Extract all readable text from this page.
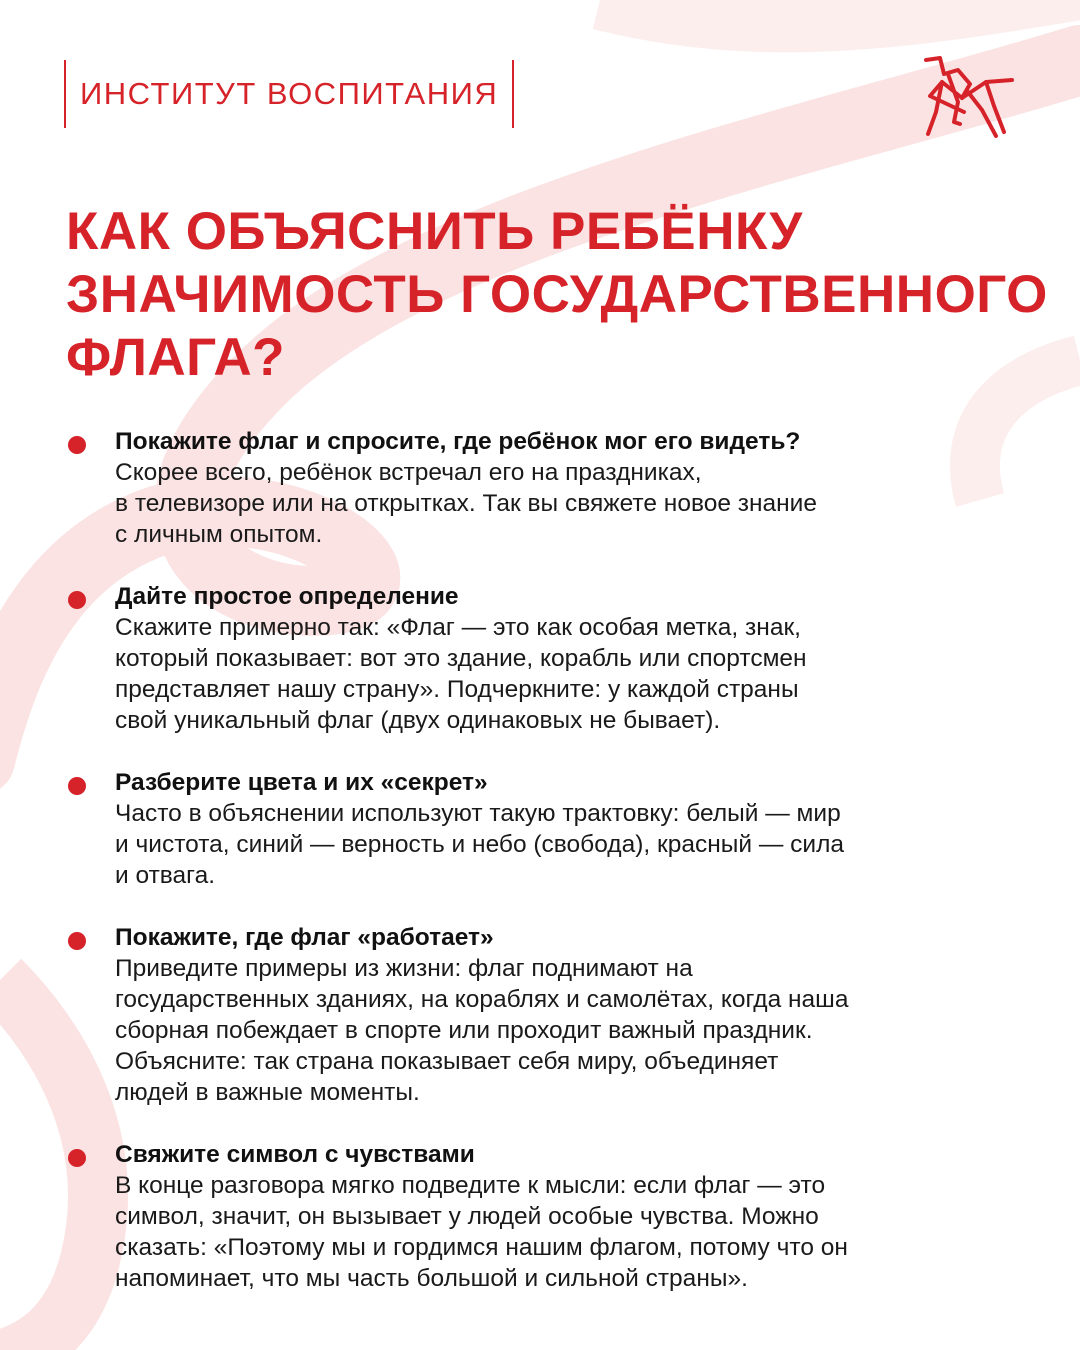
ИНСТИТУТ ВОСПИТАНИЯ
КАК ОБЪЯСНИТЬ РЕБЁНКУ
ЗНАЧИМОСТЬ ГОСУДАРСТВЕННОГО
ФЛАГА?
Покажите флаг и спросите, где ребёнок мог его видеть?
Скорее всего, ребёнок встречал его на праздниках,
в телевизоре или на открытках. Так вы свяжете новое знание
с личным опытом.
Дайте простое определение
Скажите примерно так: «Флаг — это как особая метка, знак,
который показывает: вот это здание, корабль или спортсмен
представляет нашу страну». Подчеркните: у каждой страны
свой уникальный флаг (двух одинаковых не бывает).
Разберите цвета и их «секрет»
Часто в объяснении используют такую трактовку: белый — мир
и чистота, синий — верность и небо (свобода), красный — сила
и отвага.
Покажите, где флаг «работает»
Приведите примеры из жизни: флаг поднимают на
государственных зданиях, на кораблях и самолётах, когда наша
сборная побеждает в спорте или проходит важный праздник.
Объясните: так страна показывает себя миру, объединяет
людей в важные моменты.
Свяжите символ с чувствами
В конце разговора мягко подведите к мысли: если флаг — это
символ, значит, он вызывает у людей особые чувства. Можно
сказать: «Поэтому мы и гордимся нашим флагом, потому что он
напоминает, что мы часть большой и сильной страны».
